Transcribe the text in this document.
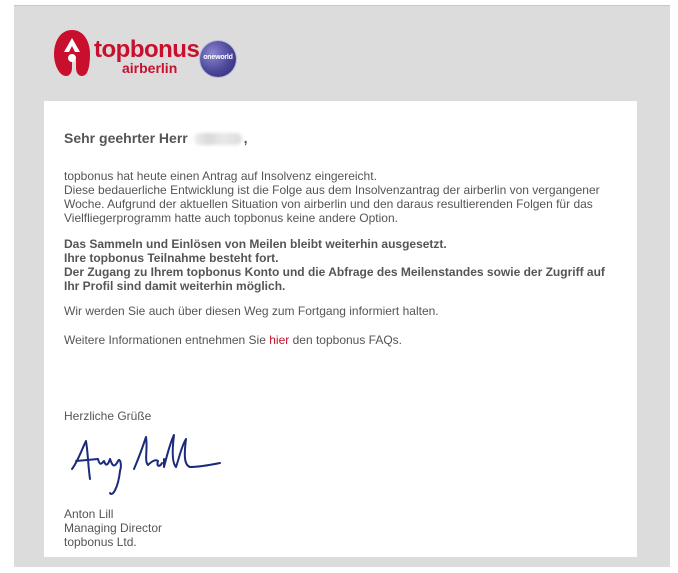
topbonus
airberlin
oneworld
Sehr geehrter Herr	,
topbonus hat heute einen Antrag auf Insolvenz eingereicht.
Diese bedauerliche Entwicklung ist die Folge aus dem Insolvenzantrag der airberlin von vergangener Woche. Aufgrund der aktuellen Situation von airberlin und den daraus resultierenden Folgen für das Vielfliegerprogramm hatte auch topbonus keine andere Option.
Das Sammeln und Einlösen von Meilen bleibt weiterhin ausgesetzt.
Ihre topbonus Teilnahme besteht fort.
Der Zugang zu Ihrem topbonus Konto und die Abfrage des Meilenstandes sowie der Zugriff auf Ihr Profil sind damit weiterhin möglich.
Wir werden Sie auch über diesen Weg zum Fortgang informiert halten.
Weitere Informationen entnehmen Sie hier den topbonus FAQs.
Herzliche Grüße
Anton Lill
Anton Lill
Managing Director
topbonus Ltd.
